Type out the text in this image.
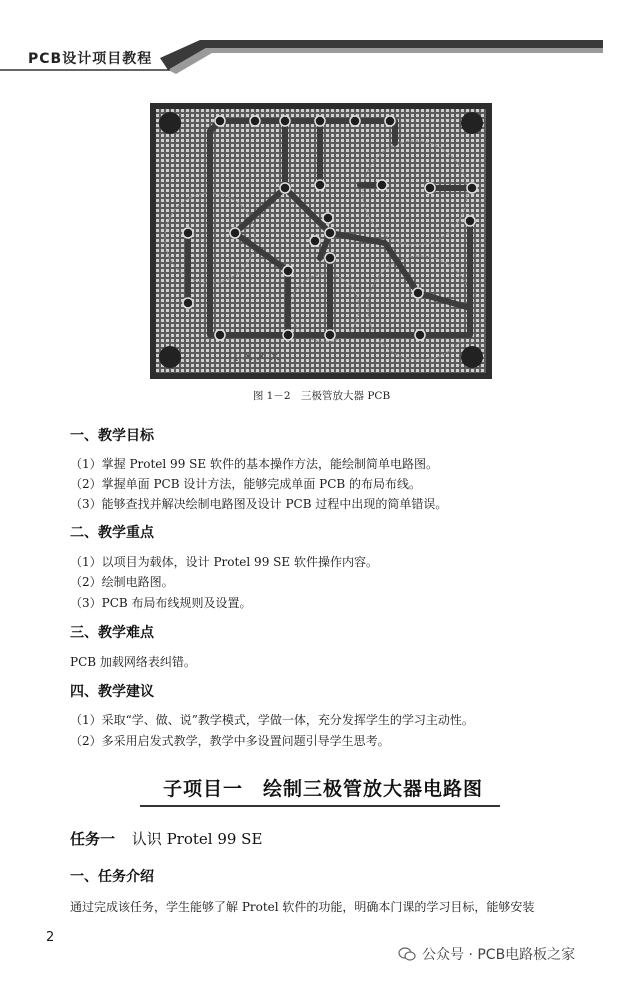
PCB设计项目教程
Iɾ×××
图 1－2　三极管放大器 PCB
一、教学目标
（1）掌握 Protel 99 SE 软件的基本操作方法，能绘制简单电路图。
（2）掌握单面 PCB 设计方法，能够完成单面 PCB 的布局布线。
（3）能够查找并解决绘制电路图及设计 PCB 过程中出现的简单错误。
二、教学重点
（1）以项目为载体，设计 Protel 99 SE 软件操作内容。
（2）绘制电路图。
（3）PCB 布局布线规则及设置。
三、教学难点
PCB 加载网络表纠错。
四、教学建议
（1）采取“学、做、说”教学模式，学做一体，充分发挥学生的学习主动性。
（2）多采用启发式教学，教学中多设置问题引导学生思考。
子项目一　绘制三极管放大器电路图
任务一 认识 Protel 99 SE
一、任务介绍
通过完成该任务，学生能够了解 Protel 软件的功能，明确本门课的学习目标，能够安装
2
公众号 · PCB电路板之家
